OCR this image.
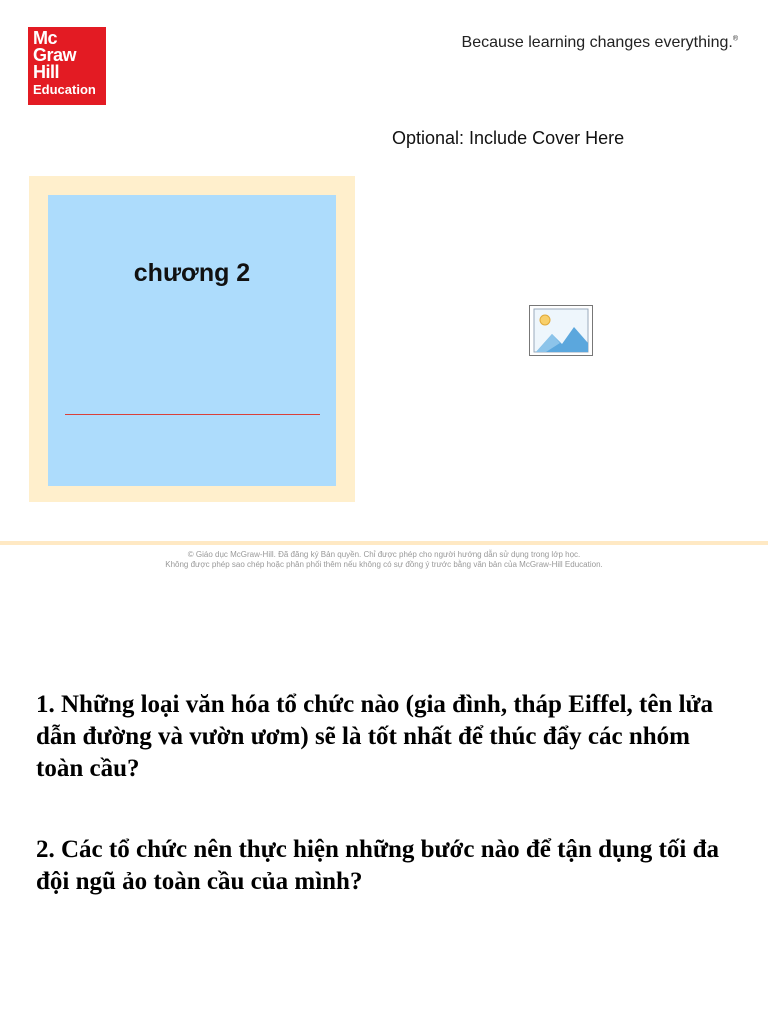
Mc
Graw
Hill
Education
Because learning changes everything.®
Optional: Include Cover Here
chương 2
© Giáo dục McGraw-Hill. Đã đăng ký Bản quyền. Chỉ được phép cho người hướng dẫn sử dụng trong lớp học.
Không được phép sao chép hoặc phân phối thêm nếu không có sự đồng ý trước bằng văn bản của McGraw-Hill Education.
1. Những loại văn hóa tổ chức nào (gia đình, tháp Eiffel, tên lửa dẫn đường và vườn ươm) sẽ là tốt nhất để thúc đẩy các nhóm toàn cầu?
2. Các tổ chức nên thực hiện những bước nào để tận dụng tối đa đội ngũ ảo toàn cầu của mình?
